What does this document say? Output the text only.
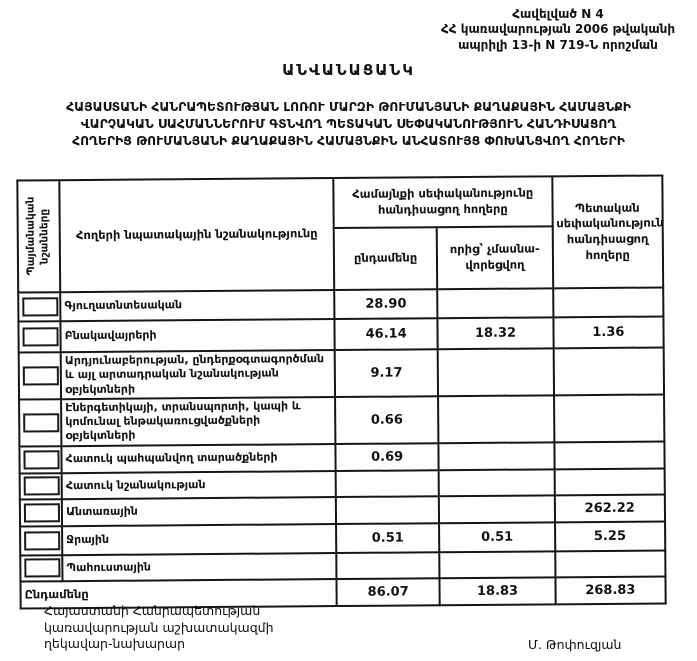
Հավելված N 4
ՀՀ կառավարության 2006 թվականի
ապրիլի 13-ի N 719-Ն որոշման
ԱՆՎԱՆԱՑԱՆԿ
ՀԱՅԱՍՏԱՆԻ ՀԱՆՐԱՊԵՏՈՒԹՅԱՆ ԼՈՌՈՒ ՄԱՐԶԻ ԹՈՒՄԱՆՅԱՆԻ ՔԱՂԱՔԱՅԻՆ ՀԱՄԱՅՆՔԻ
ՎԱՐՉԱԿԱՆ ՍԱՀՄԱՆՆԵՐՈՒՄ ԳՏՆՎՈՂ ՊԵՏԱԿԱՆ ՍԵՓԱԿԱՆՈՒԹՅՈՒՆ ՀԱՆԴԻՍԱՑՈՂ
ՀՈՂԵՐԻՑ ԹՈՒՄԱՆՅԱՆԻ ՔԱՂԱՔԱՅԻՆ ՀԱՄԱՅՆՔԻՆ ԱՆՀԱՏՈՒՅՑ ՓՈԽԱՆՑՎՈՂ ՀՈՂԵՐԻ
Պայմանական նշանները	Հողերի նպատակային նշանակությունը	Համայնքի սեփականությունը հանդիսացող հողերը		Պետական սեփականություն հանդիսացող հողերը
		ընդամենը	որից՝ չմասնա-վորեցվող	

	Գյուղատնտեսական	28.90		

	Բնակավայրերի	46.14	18.32	1.36

	Արդյունաբերության, ընդերքօգտագործման և այլ արտադրական նշանակության օբյեկտների	9.17		

	Էներգետիկայի, տրանսպորտի, կապի և կոմունալ ենթակառուցվածքների օբյեկտների	0.66		

	Հատուկ պահպանվող տարածքների	0.69		

	Հատուկ նշանակության			

	Անտառային			262.22

	Ջրային	0.51	0.51	5.25

	Պահուստային			
Ընդամենը		86.07	18.83	268.83
Հայաստանի Հանրապետության
կառավարության աշխատակազմի
ղեկավար-նախարար	Մ. Թոփուզյան
